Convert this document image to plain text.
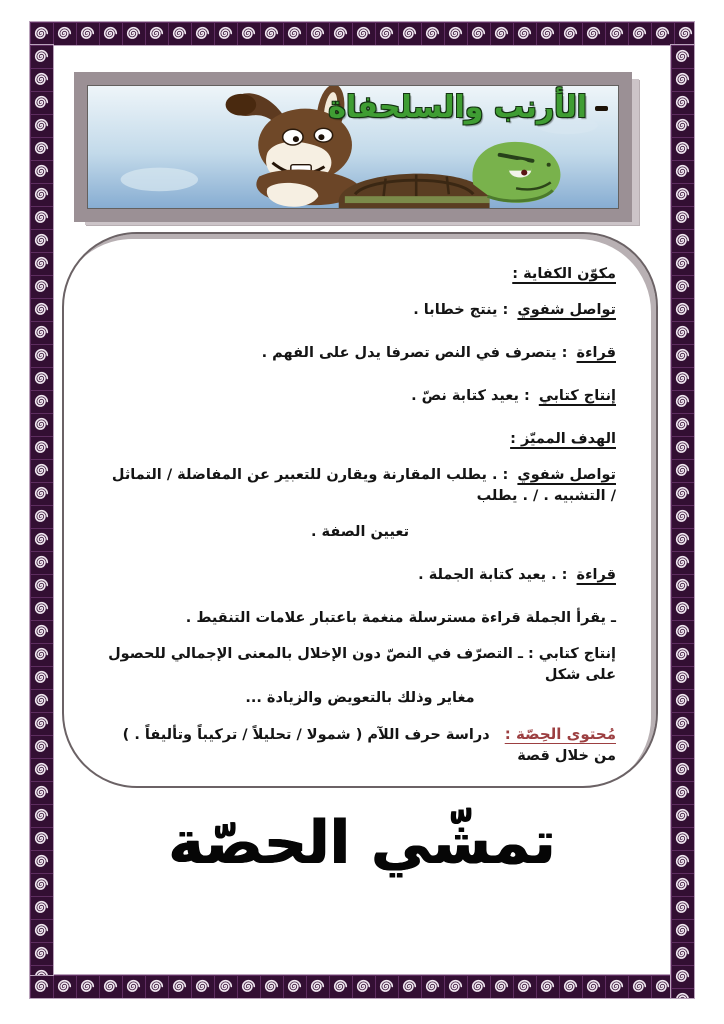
الأرنب والسلحفاة

مكوّن الكفاية :

تواصل شفوي : ينتج خطابا .

قراءة : يتصرف في النص تصرفا يدل على الفهم .

إنتاج كتابي : يعيد كتابة نصّ .

الهدف المميّز :

تواصل شفوي : . يطلب المقارنة ويقارن للتعبير عن المفاضلة / التماثل / التشبيه . / . يطلب

تعيين الصفة .

قراءة : . يعيد كتابة الجملة .

ـ يقرأ الجملة قراءة مسترسلة منغمة باعتبار علامات التنقيط .

إنتاج كتابي : ـ التصرّف في النصّ دون الإخلال بالمعنى الإجمالي للحصول على شكل

مغاير وذلك بالتعويض والزيادة ...

مُحتوى الحِصّة : دراسة حرف اللآم ( شمولا / تحليلاً / تركيباً وتأليفاً . ) من خلال قصة

تمشّي الحصّة
